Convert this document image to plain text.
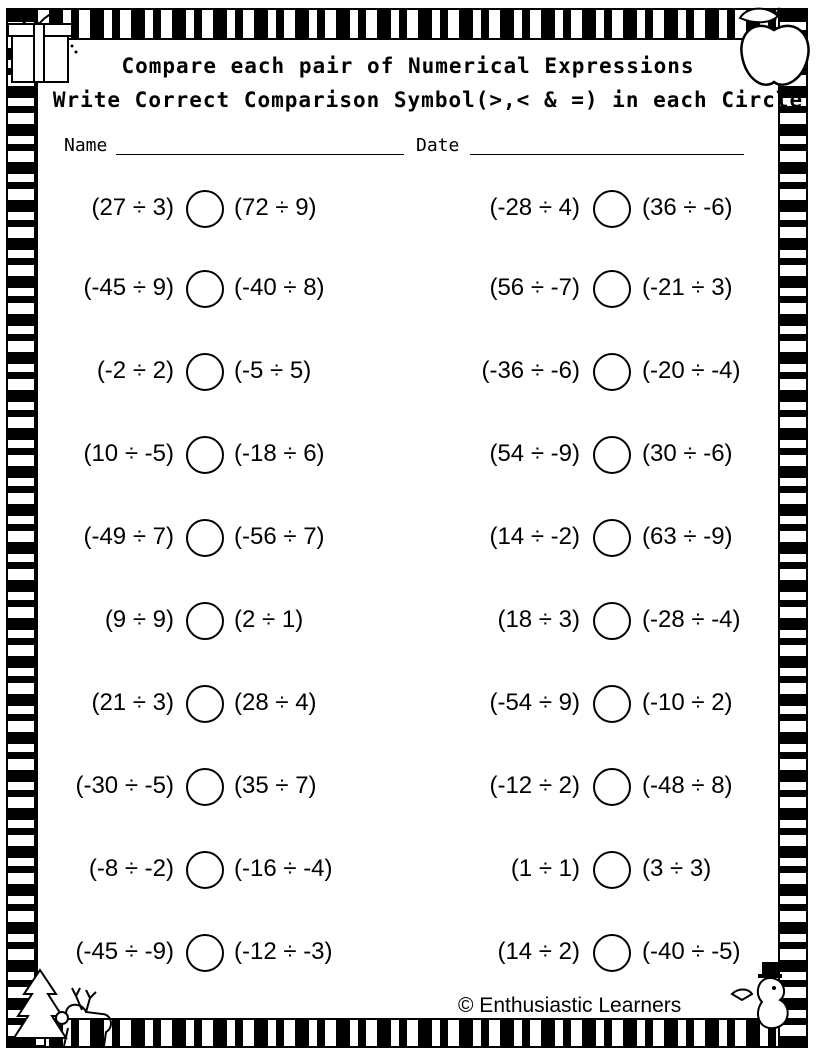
Compare each pair of Numerical Expressions
Write Correct Comparison Symbol(>,< & =) in each Circle
Name	Date
(27 ÷ 3)	(72 ÷ 9)
(-45 ÷ 9)	(-40 ÷ 8)
(-2 ÷ 2)	(-5 ÷ 5)
(10 ÷ -5)	(-18 ÷ 6)
(-49 ÷ 7)	(-56 ÷ 7)
(9 ÷ 9)	(2 ÷ 1)
(21 ÷ 3)	(28 ÷ 4)
(-30 ÷ -5)	(35 ÷ 7)
(-8 ÷ -2)	(-16 ÷ -4)
(-45 ÷ -9)	(-12 ÷ -3)
(-28 ÷ 4)	(36 ÷ -6)
(56 ÷ -7)	(-21 ÷ 3)
(-36 ÷ -6)	(-20 ÷ -4)
(54 ÷ -9)	(30 ÷ -6)
(14 ÷ -2)	(63 ÷ -9)
(18 ÷ 3)	(-28 ÷ -4)
(-54 ÷ 9)	(-10 ÷ 2)
(-12 ÷ 2)	(-48 ÷ 8)
(1 ÷ 1)	(3 ÷ 3)
(14 ÷ 2)	(-40 ÷ -5)
© Enthusiastic Learners
